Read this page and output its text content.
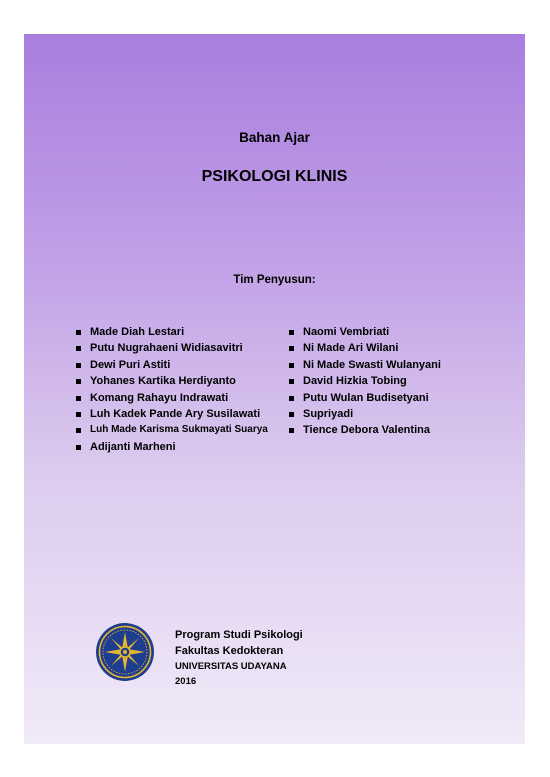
Bahan Ajar
PSIKOLOGI KLINIS
Tim Penyusun:
Made Diah Lestari
Putu Nugrahaeni Widiasavitri
Dewi Puri Astiti
Yohanes Kartika Herdiyanto
Komang Rahayu Indrawati
Luh Kadek Pande Ary Susilawati
Luh Made Karisma Sukmayati Suarya
Adijanti Marheni
Naomi Vembriati
Ni Made Ari Wilani
Ni Made Swasti Wulanyani
David Hizkia Tobing
Putu Wulan Budisetyani
Supriyadi
Tience Debora Valentina
Program Studi Psikologi
Fakultas Kedokteran
UNIVERSITAS UDAYANA
2016
